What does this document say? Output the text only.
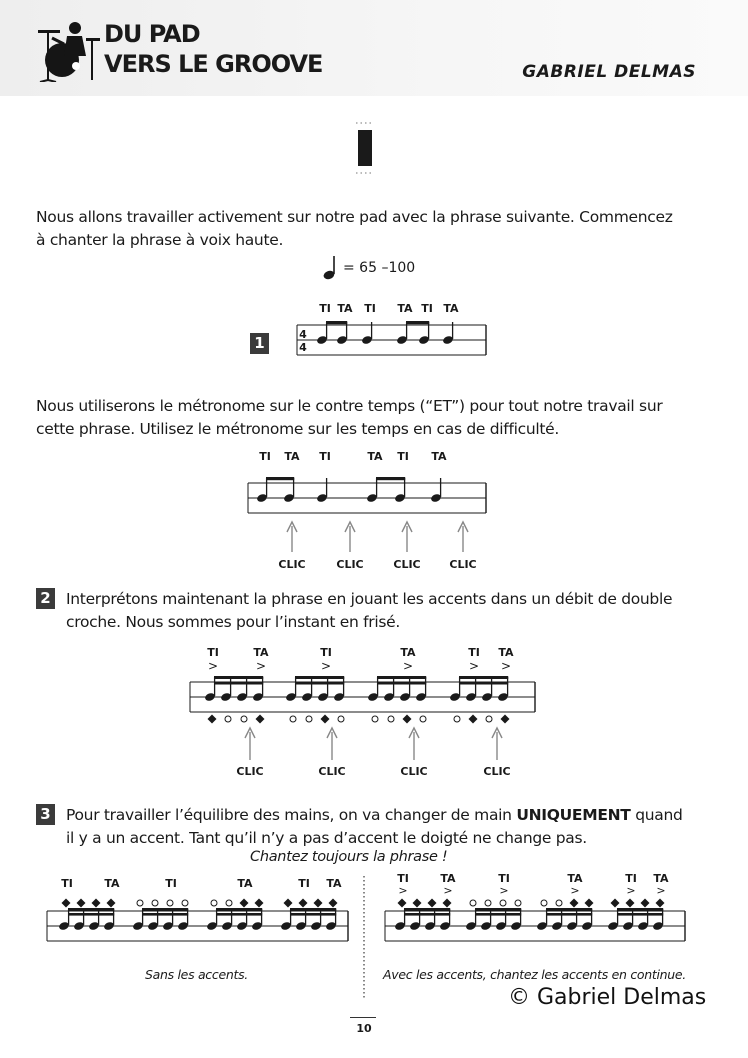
DU PAD
VERS LE GROOVE	GABRIEL DELMAS
Nous allons travailler activement sur notre pad avec la phrase suivante. Commencez
à chanter la phrase à voix haute.
= 65 –100
1	4
4
TI TA TI TA TI TA
TI TA TI	TA TI TA
CLIC	CLIC	CLIC	CLIC
TI	TA	TI	TA	TI TA
>	>	>	>	> >
CLIC	CLIC	CLIC	CLIC
TI	TA	TI	TA	TI TA	TI	TA	TI	TA	TI TA
>	>	>	>	> >
Nous utiliserons le métronome sur le contre temps (“ET”) pour tout notre travail sur
cette phrase. Utilisez le métronome sur les temps en cas de difficulté.
2 Interprétons maintenant la phrase en jouant les accents dans un débit de double
croche. Nous sommes pour l’instant en frisé.
3 Pour travailler l’équilibre des mains, on va changer de main UNIQUEMENT quand
il y a un accent. Tant qu’il n’y a pas d’accent le doigté ne change pas.
Chantez toujours la phrase !
Sans les accents.	Avec les accents, chantez les accents en continue.
© Gabriel Delmas
10
